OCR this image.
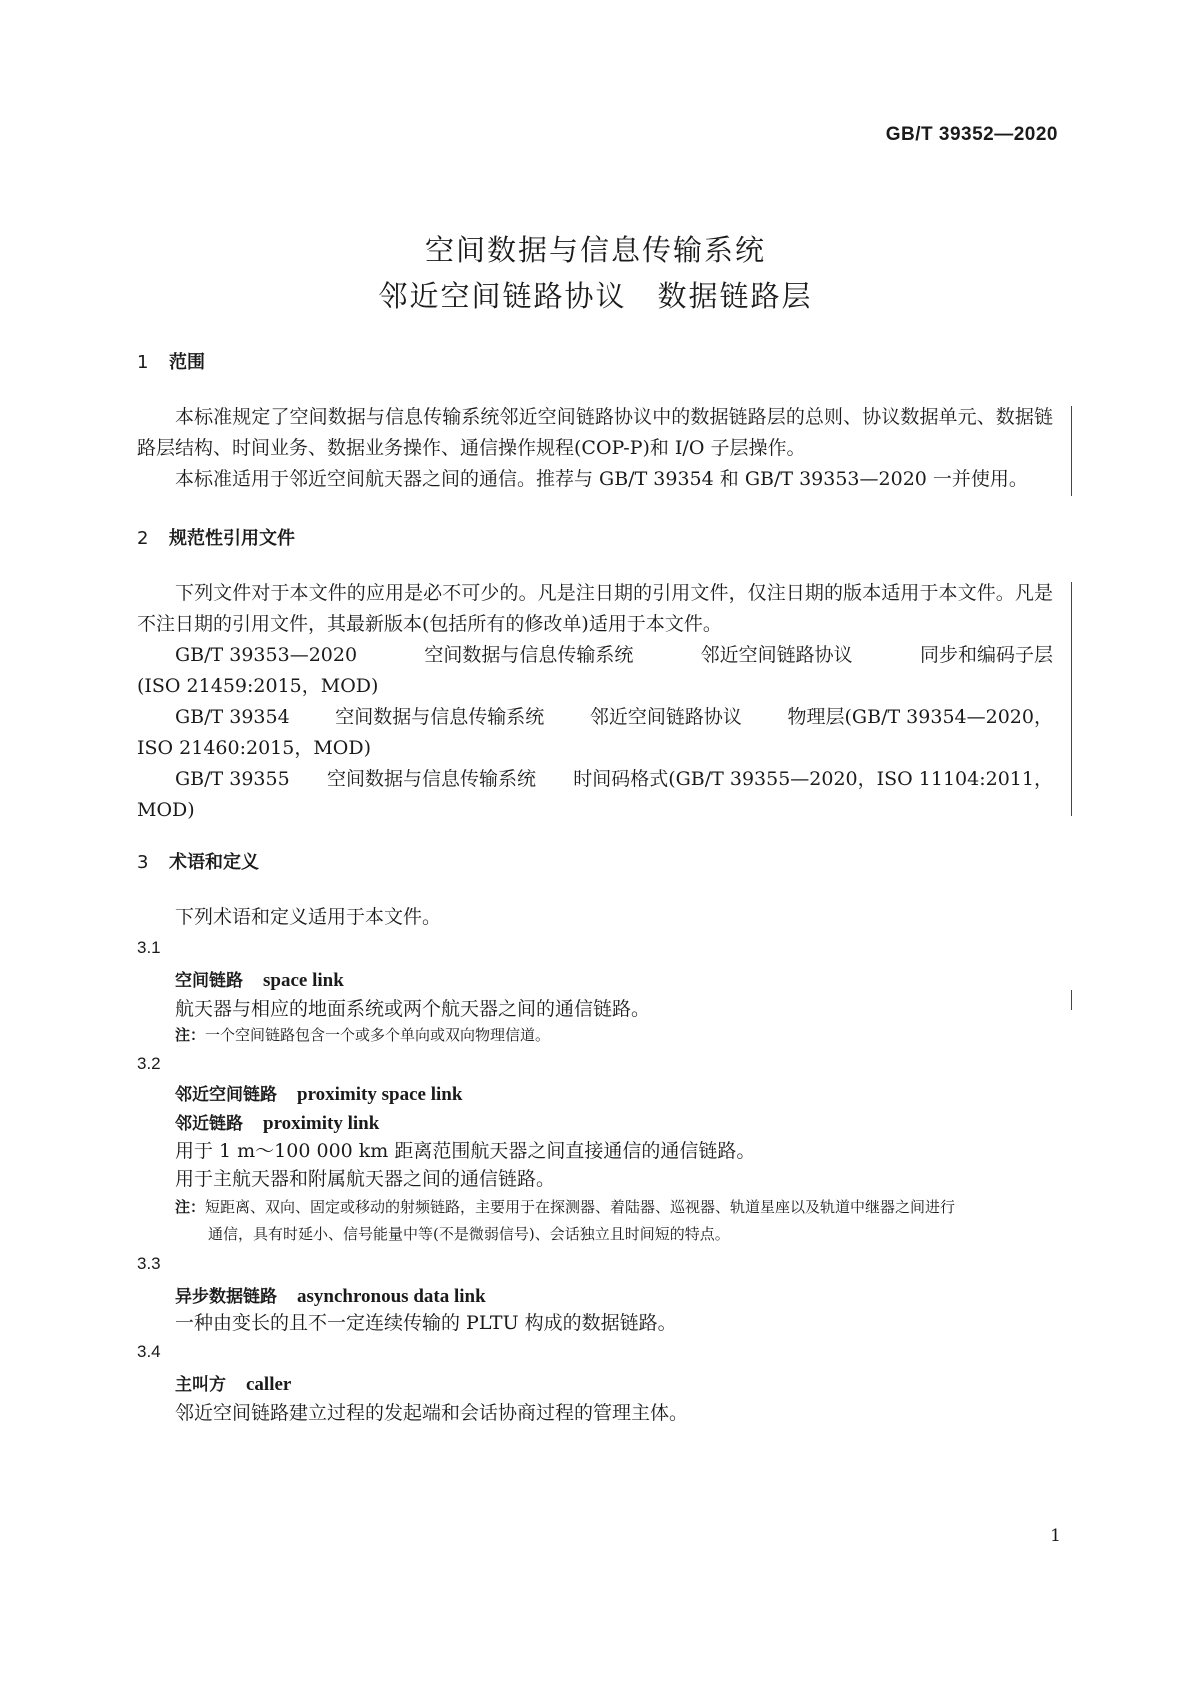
GB/T 39352—2020
空间数据与信息传输系统
邻近空间链路协议　数据链路层
1 范围
本标准规定了空间数据与信息传输系统邻近空间链路协议中的数据链路层的总则、协议数据单元、数据链路层结构、时间业务、数据业务操作、通信操作规程(COP-P)和 I/O 子层操作。
本标准适用于邻近空间航天器之间的通信。推荐与 GB/T 39354 和 GB/T 39353—2020 一并使用。
2 规范性引用文件
下列文件对于本文件的应用是必不可少的。凡是注日期的引用文件，仅注日期的版本适用于本文件。凡是不注日期的引用文件，其最新版本(包括所有的修改单)适用于本文件。
GB/T 39353—2020	空间数据与信息传输系统	邻近空间链路协议	同步和编码子层
(ISO 21459:2015，MOD)
GB/T 39354 空间数据与信息传输系统 邻近空间链路协议 物理层(GB/T 39354—2020，
ISO 21460:2015，MOD)
GB/T 39355 空间数据与信息传输系统 时间码格式(GB/T 39355—2020，ISO 11104:2011，
MOD)
3 术语和定义
下列术语和定义适用于本文件。
3.1
空间链路 space link
航天器与相应的地面系统或两个航天器之间的通信链路。
注：一个空间链路包含一个或多个单向或双向物理信道。
3.2
邻近空间链路 proximity space link
邻近链路 proximity link
用于 1 m～100 000 km 距离范围航天器之间直接通信的通信链路。
用于主航天器和附属航天器之间的通信链路。
注：短距离、双向、固定或移动的射频链路，主要用于在探测器、着陆器、巡视器、轨道星座以及轨道中继器之间进行
通信，具有时延小、信号能量中等(不是微弱信号)、会话独立且时间短的特点。
3.3
异步数据链路 asynchronous data link
一种由变长的且不一定连续传输的 PLTU 构成的数据链路。
3.4
主叫方 caller
邻近空间链路建立过程的发起端和会话协商过程的管理主体。
1
